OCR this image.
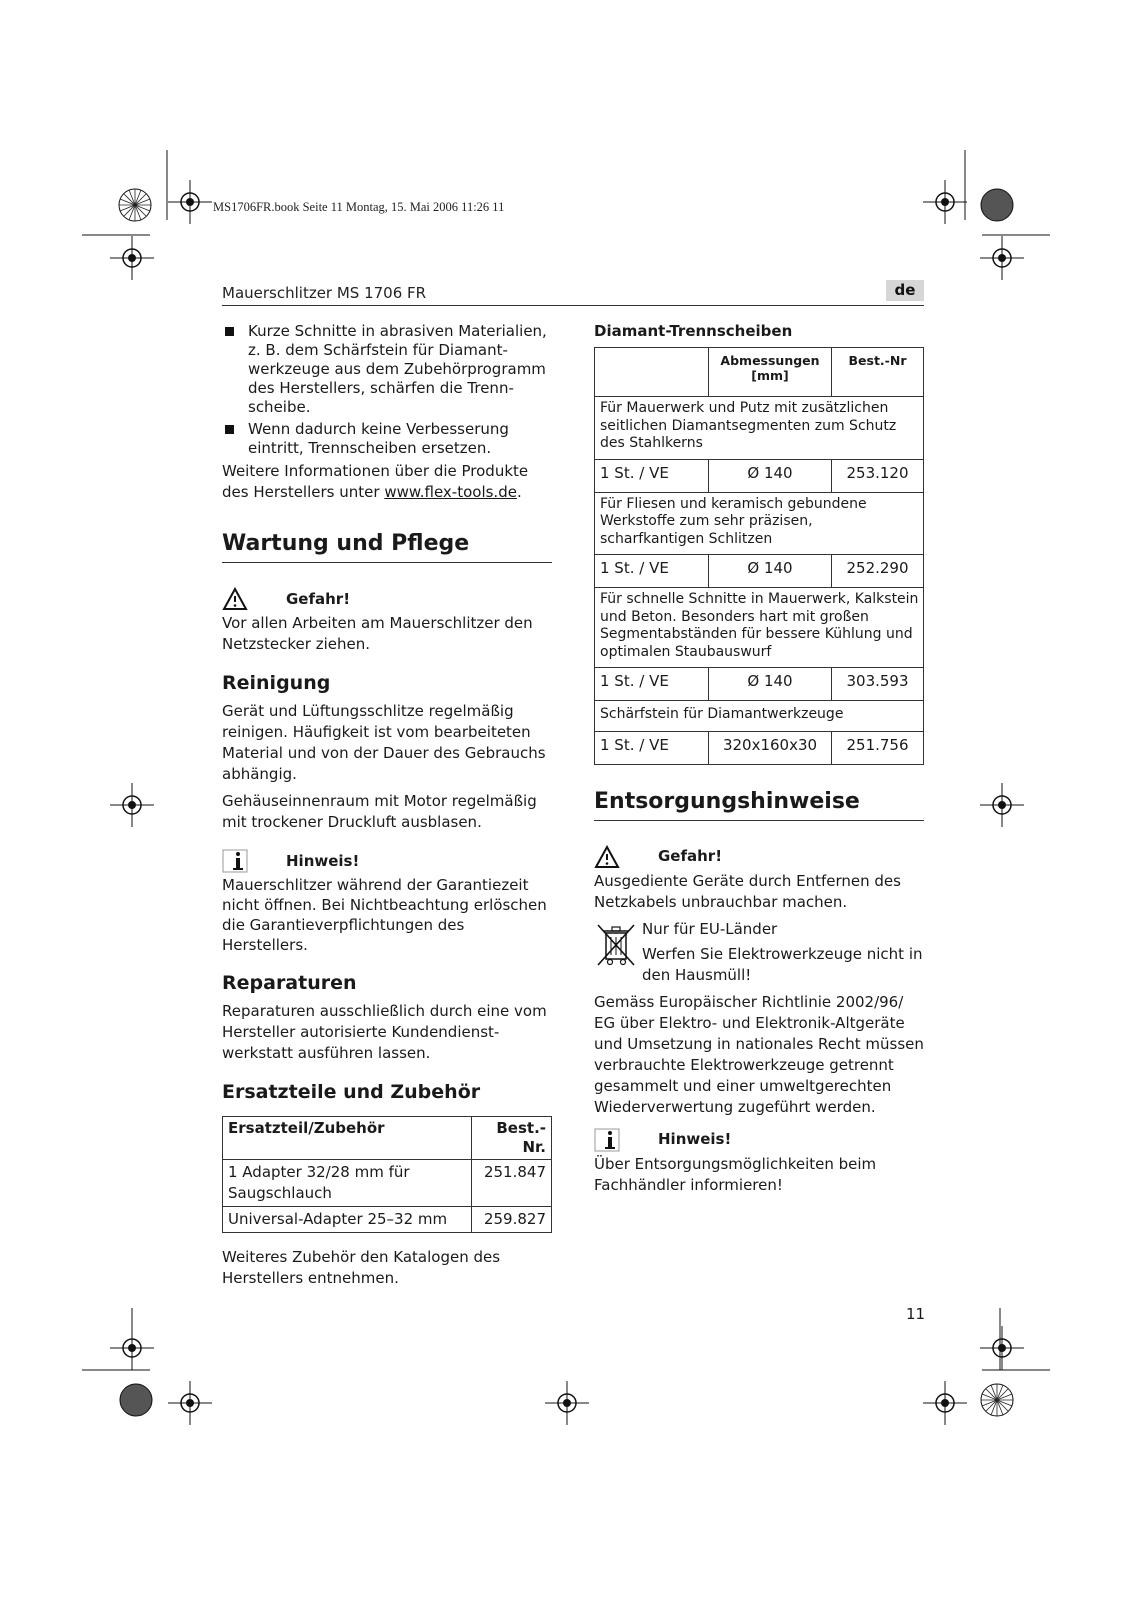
MS1706FR.book Seite 11 Montag, 15. Mai 2006 11:26 11
Mauerschlitzer MS 1706 FR	de
Kurze Schnitte in abrasiven Materialien, z. B. dem Schärfstein für Diamant-werkzeuge aus dem Zubehörprogramm des Herstellers, schärfen die Trenn-scheibe.
Wenn dadurch keine Verbesserung eintritt, Trennscheiben ersetzen.

Weitere Informationen über die Produkte des Herstellers unter www.flex-tools.de.

Wartung und Pflege
Gefahr!

Vor allen Arbeiten am Mauerschlitzer den Netzstecker ziehen.

Reinigung

Gerät und Lüftungsschlitze regelmäßig reinigen. Häufigkeit ist vom bearbeiteten Material und von der Dauer des Gebrauchs abhängig.

Gehäuseinnenraum mit Motor regelmäßig mit trockener Druckluft ausblasen.

Hinweis!

Mauerschlitzer während der Garantiezeit nicht öffnen. Bei Nichtbeachtung erlöschen die Garantieverpflichtungen des Herstellers.

Reparaturen

Reparaturen ausschließlich durch eine vom Hersteller autorisierte Kundendienst-werkstatt ausführen lassen.

Ersatzteile und Zubehör
Ersatzteil/Zubehör	Best.-Nr.
1 Adapter 32/28 mm für Saugschlauch	251.847
Universal-Adapter 25–32 mm	259.827

Weiteres Zubehör den Katalogen des Herstellers entnehmen.

Diamant-Trennscheiben
	Abmessungen [mm]	Best.-Nr
Für Mauerwerk und Putz mit zusätzlichen seitlichen Diamantsegmenten zum Schutz des Stahlkerns		
1 St. / VE	Ø 140	253.120
Für Fliesen und keramisch gebundene Werkstoffe zum sehr präzisen, scharfkantigen Schlitzen		
1 St. / VE	Ø 140	252.290
Für schnelle Schnitte in Mauerwerk, Kalkstein und Beton. Besonders hart mit großen Segmentabständen für bessere Kühlung und optimalen Staubauswurf		
1 St. / VE	Ø 140	303.593
Schärfstein für Diamantwerkzeuge		
1 St. / VE	320x160x30	251.756
Entsorgungshinweise
Gefahr!

Ausgediente Geräte durch Entfernen des Netzkabels unbrauchbar machen.

Nur für EU-Länder

Werfen Sie Elektrowerkzeuge nicht in den Hausmüll!

Gemäss Europäischer Richtlinie 2002/96/ EG über Elektro- und Elektronik-Altgeräte und Umsetzung in nationales Recht müssen verbrauchte Elektrowerkzeuge getrennt gesammelt und einer umweltgerechten Wiederverwertung zugeführt werden.

Hinweis!

Über Entsorgungsmöglichkeiten beim Fachhändler informieren!

11
